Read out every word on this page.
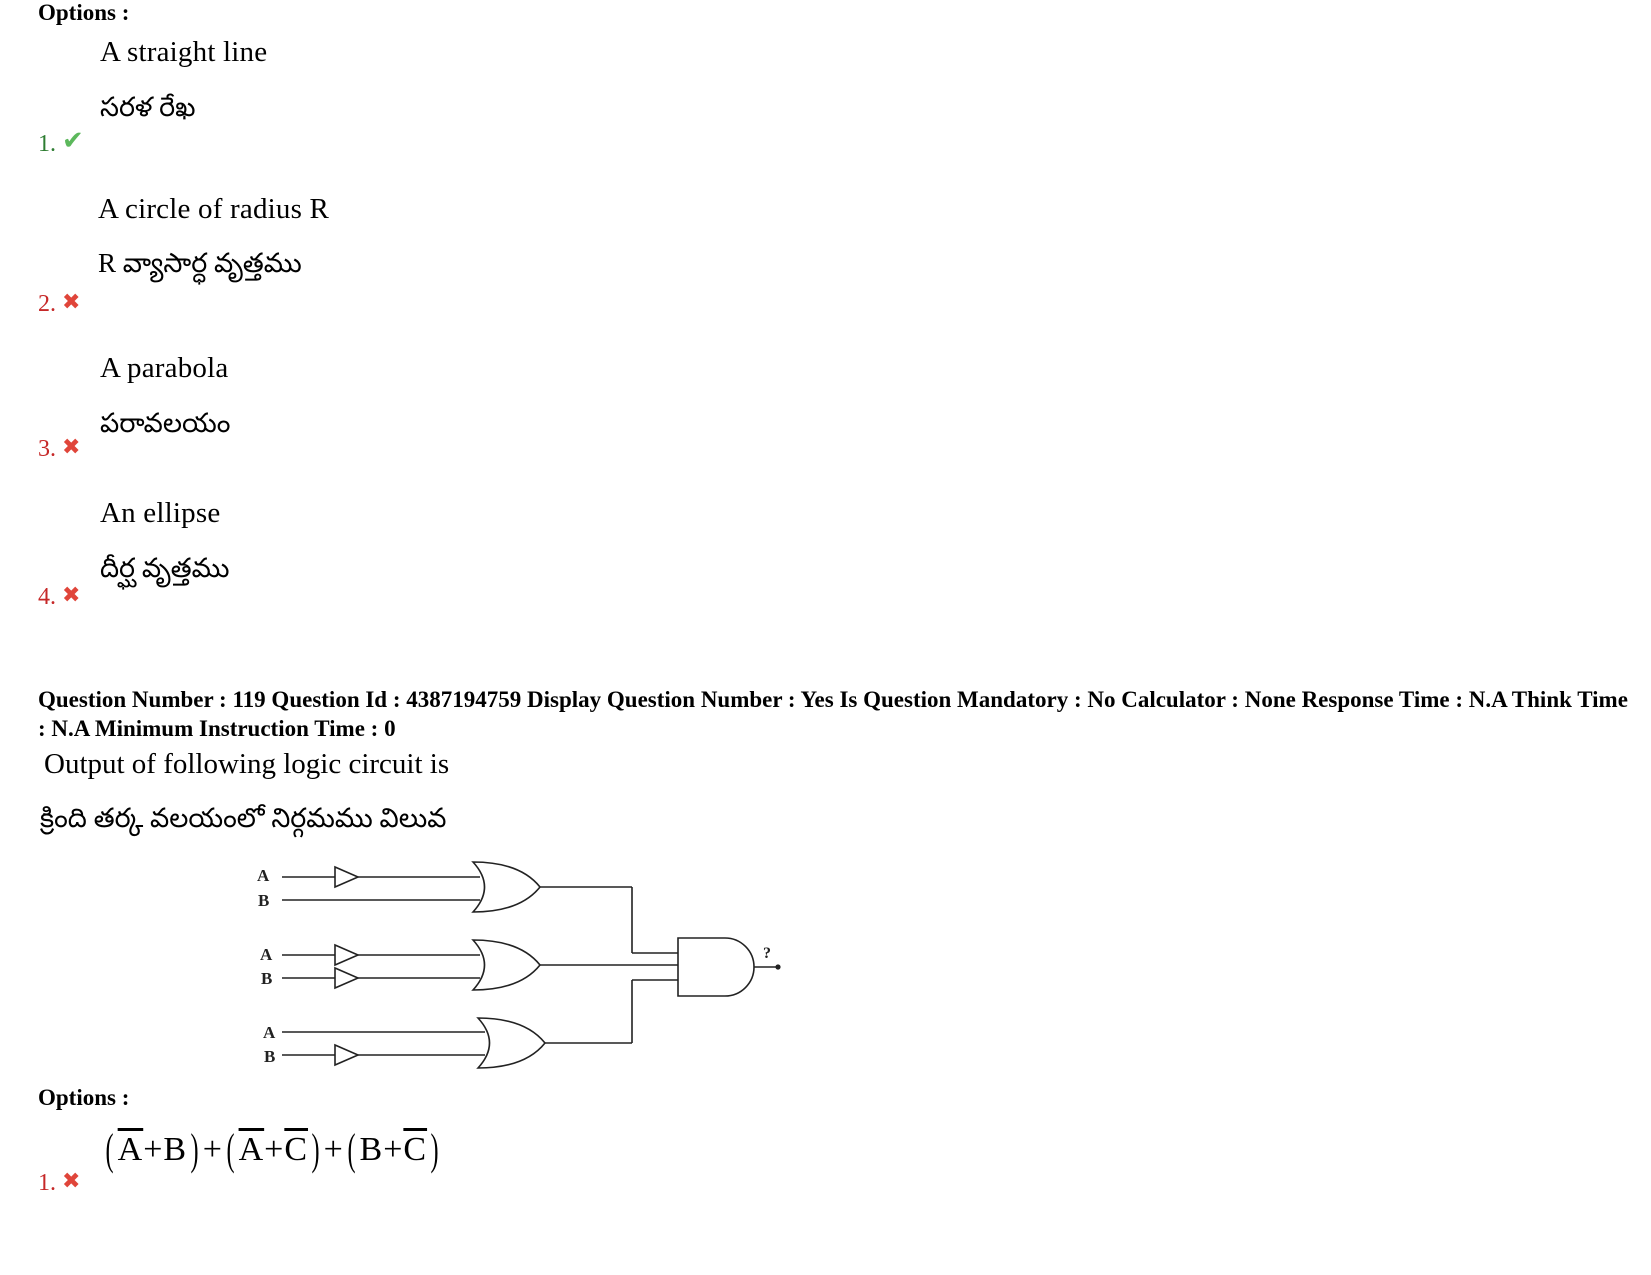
Options :
A straight line
సరళ రేఖ
1. ✔
A circle of radius R
R వ్యాసార్ధ వృత్తము
2. ✖
A parabola
పరావలయం
3. ✖
An ellipse
దీర్ఘ వృత్తము
4. ✖
Question Number : 119 Question Id : 4387194759 Display Question Number : Yes Is Question Mandatory : No Calculator : None Response Time : N.A Think Time : N.A Minimum Instruction Time : 0
Output of following logic circuit is
క్రింది తర్క వలయంలో నిర్గమము విలువ
A
B
A
B
A
B
?
Options :
( $\overline{A}+B$) +( $\overline{A}+\overline{C}$) +( $B+\overline{C}$)
1. ✖
